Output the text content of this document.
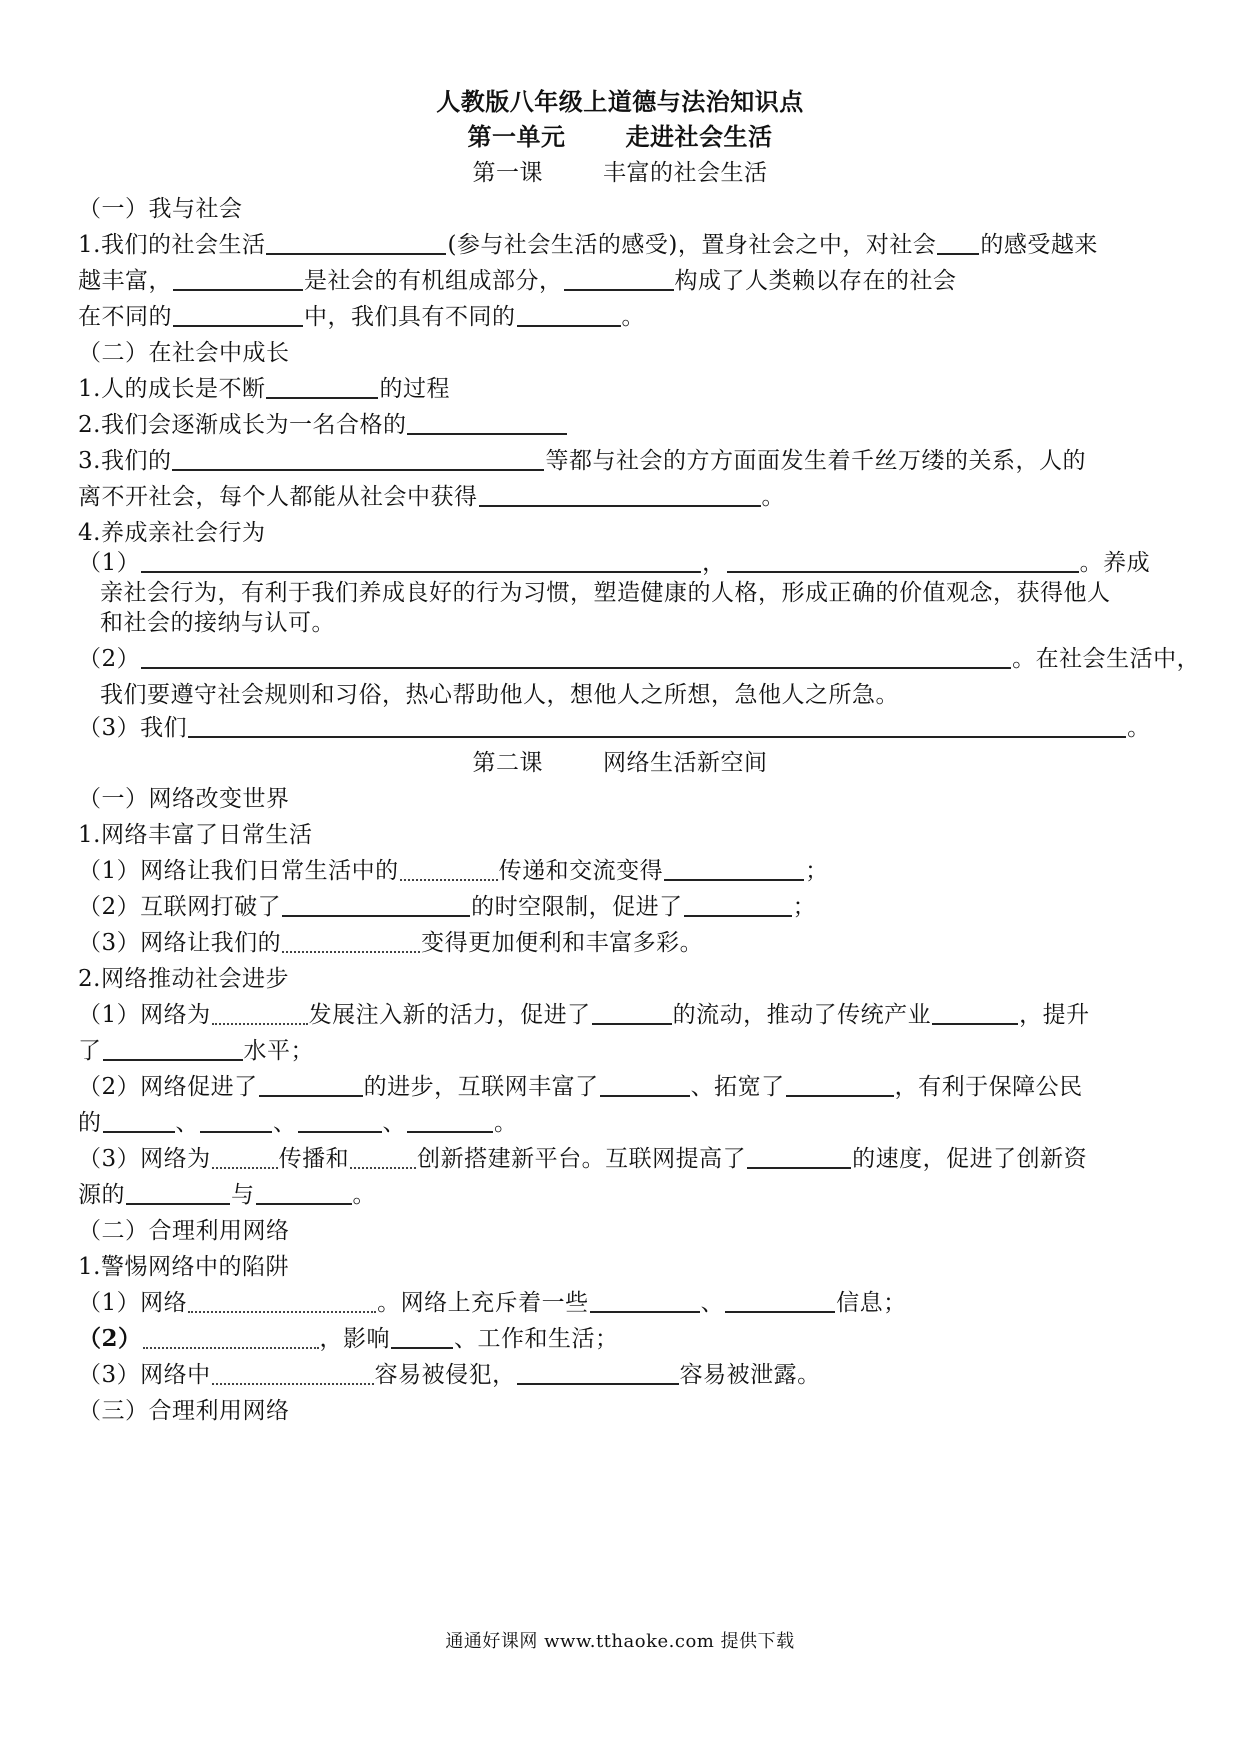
人教版八年级上道德与法治知识点
第一单元	走进社会生活
第一课	丰富的社会生活
（一）我与社会
1.我们的社会生活	(参与社会生活的感受)，置身社会之中，对社会 的感受越来
越丰富，	是社会的有机组成部分，	构成了人类赖以存在的社会
在不同的	中，我们具有不同的	。
（二）在社会中成长
1.人的成长是不断	的过程
2.我们会逐渐成长为一名合格的
3.我们的	等都与社会的方方面面发生着千丝万缕的关系，人的
离不开社会，每个人都能从社会中获得	。
4.养成亲社会行为
（1）	，	。养成
亲社会行为，有利于我们养成良好的行为习惯，塑造健康的人格，形成正确的价值观念，获得他人
和社会的接纳与认可。
（2）	。在社会生活中，
我们要遵守社会规则和习俗，热心帮助他人，想他人之所想，急他人之所急。
（3）我们	。
第二课	网络生活新空间
（一）网络改变世界
1.网络丰富了日常生活
（1）网络让我们日常生活中的	传递和交流变得	；
（2）互联网打破了	的时空限制，促进了	；
（3）网络让我们的	变得更加便利和丰富多彩。
2.网络推动社会进步
（1）网络为	发展注入新的活力，促进了	的流动，推动了传统产业	，提升
了	水平；
（2）网络促进了	的进步，互联网丰富了	、拓宽了	，有利于保障公民
的	、	、	、	。
（3）网络为	传播和	创新搭建新平台。互联网提高了	的速度，促进了创新资
源的	与	。
（二）合理利用网络
1.警惕网络中的陷阱
（1）网络	。网络上充斥着一些	、	信息；
（2）	，影响	、工作和生活；
（3）网络中	容易被侵犯，	容易被泄露。
（三）合理利用网络
通通好课网 www.tthaoke.com 提供下载
